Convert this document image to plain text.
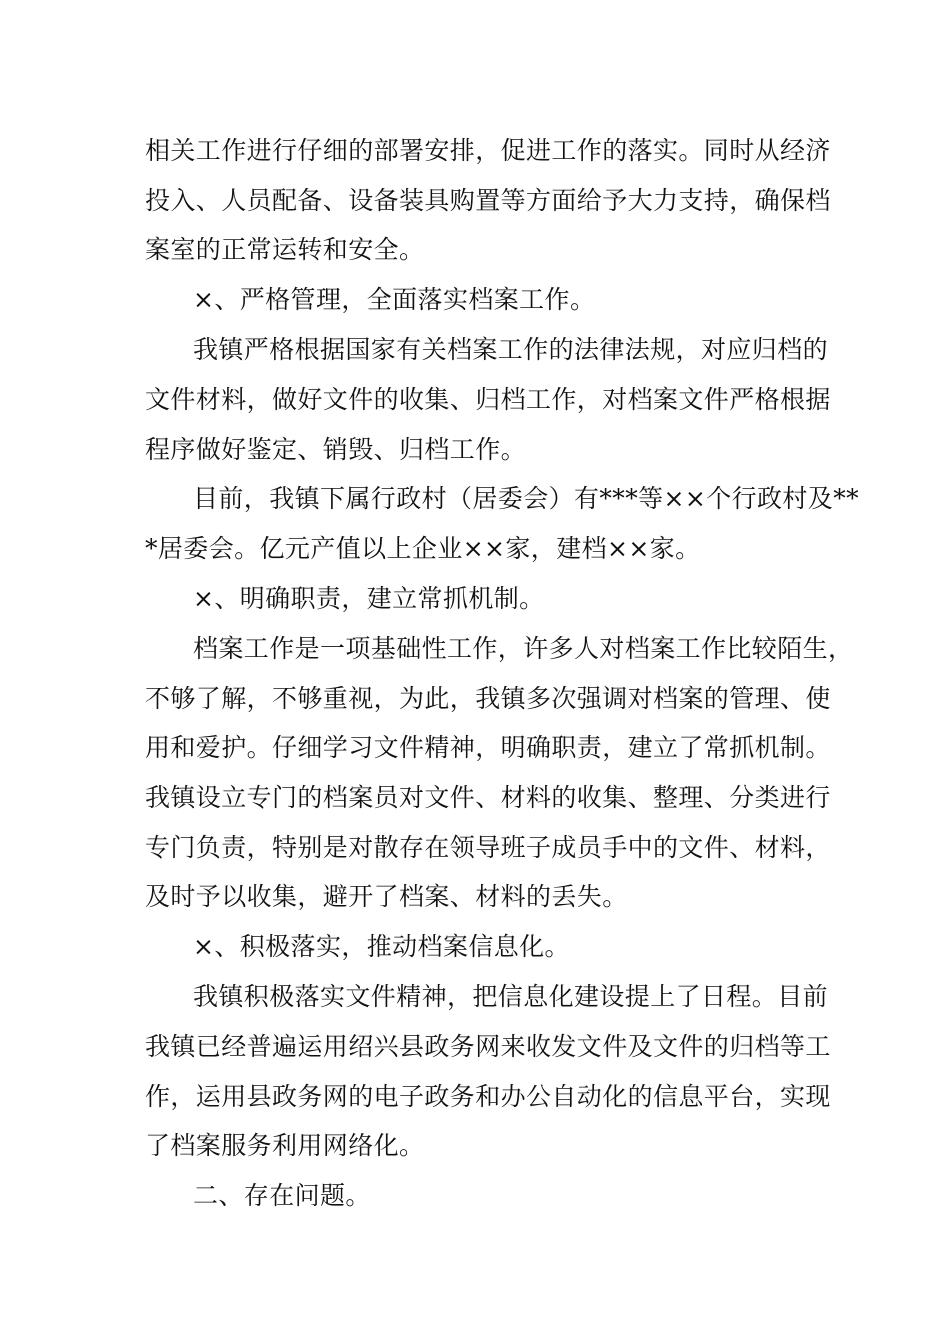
相关工作进行仔细的部署安排，促进工作的落实。同时从经济
投入、人员配备、设备装具购置等方面给予大力支持，确保档
案室的正常运转和安全。
×、严格管理，全面落实档案工作。
我镇严格根据国家有关档案工作的法律法规，对应归档的
文件材料，做好文件的收集、归档工作，对档案文件严格根据
程序做好鉴定、销毁、归档工作。
目前，我镇下属行政村（居委会）有***等××个行政村及**
*居委会。亿元产值以上企业××家，建档××家。
×、明确职责，建立常抓机制。
档案工作是一项基础性工作，许多人对档案工作比较陌生，
不够了解，不够重视，为此，我镇多次强调对档案的管理、使
用和爱护。仔细学习文件精神，明确职责，建立了常抓机制。
我镇设立专门的档案员对文件、材料的收集、整理、分类进行
专门负责，特别是对散存在领导班子成员手中的文件、材料，
及时予以收集，避开了档案、材料的丢失。
×、积极落实，推动档案信息化。
我镇积极落实文件精神，把信息化建设提上了日程。目前
我镇已经普遍运用绍兴县政务网来收发文件及文件的归档等工
作，运用县政务网的电子政务和办公自动化的信息平台，实现
了档案服务利用网络化。
二、存在问题。
